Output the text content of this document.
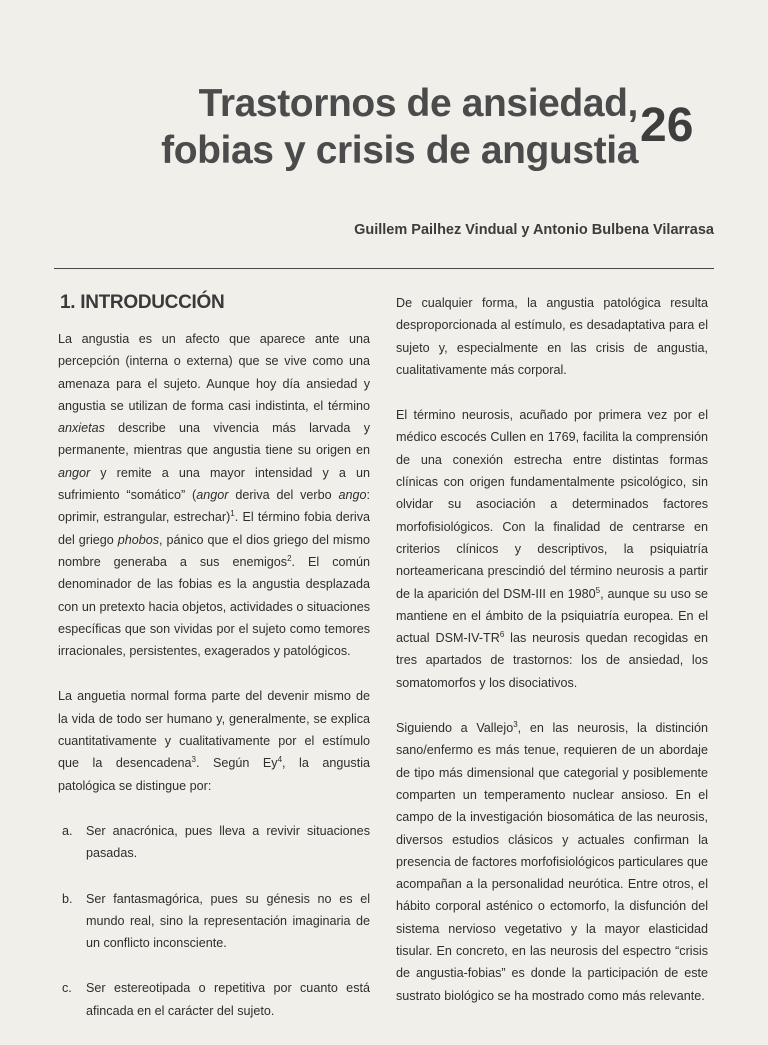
Trastornos de ansiedad,
fobias y crisis de angustia 26
Guillem Pailhez Vindual y Antonio Bulbena Vilarrasa
1. INTRODUCCIÓN

La angustia es un afecto que aparece ante una percepción (interna o externa) que se vive como una amenaza para el sujeto. Aunque hoy día ansiedad y angustia se utilizan de forma casi indistinta, el término anxietas describe una vivencia más larvada y permanente, mientras que angustia tiene su origen en angor y remite a una mayor intensidad y a un sufrimiento “somático” (angor deriva del verbo ango: oprimir, estrangular, estrechar)$^1$. El término fobia deriva del griego phobos, pánico que el dios griego del mismo nombre generaba a sus enemigos$^2$. El común denominador de las fobias es la angustia desplazada con un pretexto hacia objetos, actividades o situaciones específicas que son vividas por el sujeto como temores irracionales, persistentes, exagerados y patológicos.

La anguetia normal forma parte del devenir mismo de la vida de todo ser humano y, generalmente, se explica cuantitativamente y cualitativamente por el estímulo que la desencadena$^3$. Según Ey$^4$, la angustia patológica se distingue por:

a. Ser anacrónica, pues lleva a revivir situaciones pasadas.
b. Ser fantasmagórica, pues su génesis no es el mundo real, sino la representación imaginaria de un conflicto inconsciente.
c. Ser estereotipada o repetitiva por cuanto está afincada en el carácter del sujeto.

De cualquier forma, la angustia patológica resulta desproporcionada al estímulo, es desadaptativa para el sujeto y, especialmente en las crisis de angustia, cualitativamente más corporal.

El término neurosis, acuñado por primera vez por el médico escocés Cullen en 1769, facilita la comprensión de una conexión estrecha entre distintas formas clínicas con origen fundamentalmente psicológico, sin olvidar su asociación a determinados factores morfofisiológicos. Con la finalidad de centrarse en criterios clínicos y descriptivos, la psiquiatría norteamericana prescindió del término neurosis a partir de la aparición del DSM-III en 1980$^5$, aunque su uso se mantiene en el ámbito de la psiquiatría europea. En el actual DSM-$IV-TR^6$ las neurosis quedan recogidas en tres apartados de trastornos: los de ansiedad, los somatomorfos y los disociativos.

Siguiendo a Vallejo$^3$, en las neurosis, la distinción sano/enfermo es más tenue, requieren de un abordaje de tipo más dimensional que categorial y posiblemente comparten un temperamento nuclear ansioso. En el campo de la investigación biosomática de las neurosis, diversos estudios clásicos y actuales confirman la presencia de factores morfofisiológicos particulares que acompañan a la personalidad neurótica. Entre otros, el hábito corporal asténico o ectomorfo, la disfunción del sistema nervioso vegetativo y la mayor elasticidad tisular. En concreto, en las neurosis del espectro “crisis de angustia-fobias” es donde la participación de este sustrato biológico se ha mostrado como más relevante.
